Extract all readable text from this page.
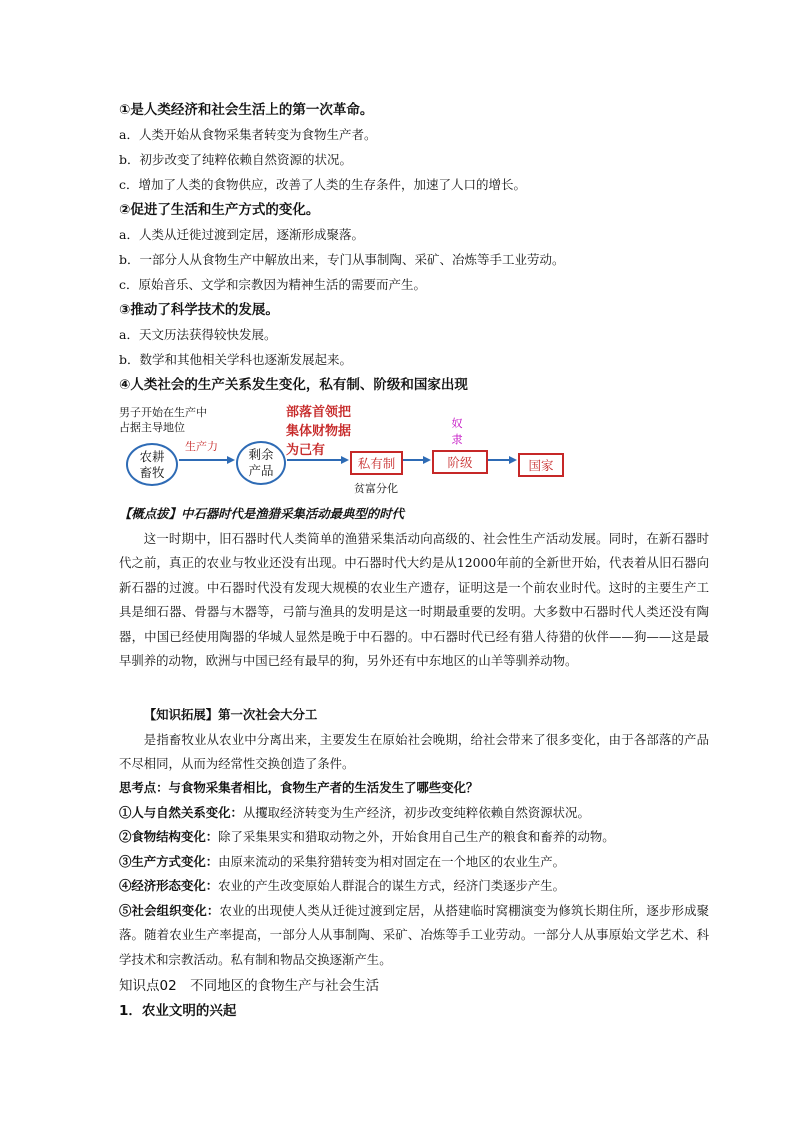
①是人类经济和社会生活上的第一次革命。
a．人类开始从食物采集者转变为食物生产者。
b．初步改变了纯粹依赖自然资源的状况。
c．增加了人类的食物供应，改善了人类的生存条件，加速了人口的增长。
②促进了生活和生产方式的变化。
a．人类从迁徙过渡到定居，逐渐形成聚落。
b．一部分人从食物生产中解放出来，专门从事制陶、采矿、冶炼等手工业劳动。
c．原始音乐、文学和宗教因为精神生活的需要而产生。
③推动了科学技术的发展。
a．天文历法获得较快发展。
b．数学和其他相关学科也逐渐发展起来。
④人类社会的生产关系发生变化，私有制、阶级和国家出现
男子开始在生产中
占据主导地位
农耕
畜牧
生产力
剩余
产品
部落首领把
集体财物据
为己有
私有制
贫富分化
奴
隶
阶级	国家

【概点拔】中石器时代是渔猎采集活动最典型的时代

这一时期中，旧石器时代人类简单的渔猎采集活动向高级的、社会性生产活动发展。同时，在新石器时代之前，真正的农业与牧业还没有出现。中石器时代大约是从12000年前的全新世开始，代表着从旧石器向新石器的过渡。中石器时代没有发现大规模的农业生产遗存，证明这是一个前农业时代。这时的主要生产工具是细石器、骨器与木器等，弓箭与渔具的发明是这一时期最重要的发明。大多数中石器时代人类还没有陶器，中国已经使用陶器的华城人显然是晚于中石器的。中石器时代已经有猎人待猎的伙伴——狗——这是最早驯养的动物，欧洲与中国已经有最早的狗，另外还有中东地区的山羊等驯养动物。

【知识拓展】第一次社会大分工

是指畜牧业从农业中分离出来，主要发生在原始社会晚期，给社会带来了很多变化，由于各部落的产品不尽相同，从而为经常性交换创造了条件。

思考点：与食物采集者相比，食物生产者的生活发生了哪些变化？

①人与自然关系变化：从攫取经济转变为生产经济，初步改变纯粹依赖自然资源状况。

②食物结构变化：除了采集果实和猎取动物之外，开始食用自己生产的粮食和畜养的动物。

③生产方式变化：由原来流动的采集狩猎转变为相对固定在一个地区的农业生产。

④经济形态变化：农业的产生改变原始人群混合的谋生方式，经济门类逐步产生。

⑤社会组织变化：农业的出现使人类从迁徙过渡到定居，从搭建临时窝棚演变为修筑长期住所，逐步形成聚落。随着农业生产率提高，一部分人从事制陶、采矿、冶炼等手工业劳动。一部分人从事原始文学艺术、科学技术和宗教活动。私有制和物品交换逐渐产生。

知识点02　不同地区的食物生产与社会生活
1．农业文明的兴起
